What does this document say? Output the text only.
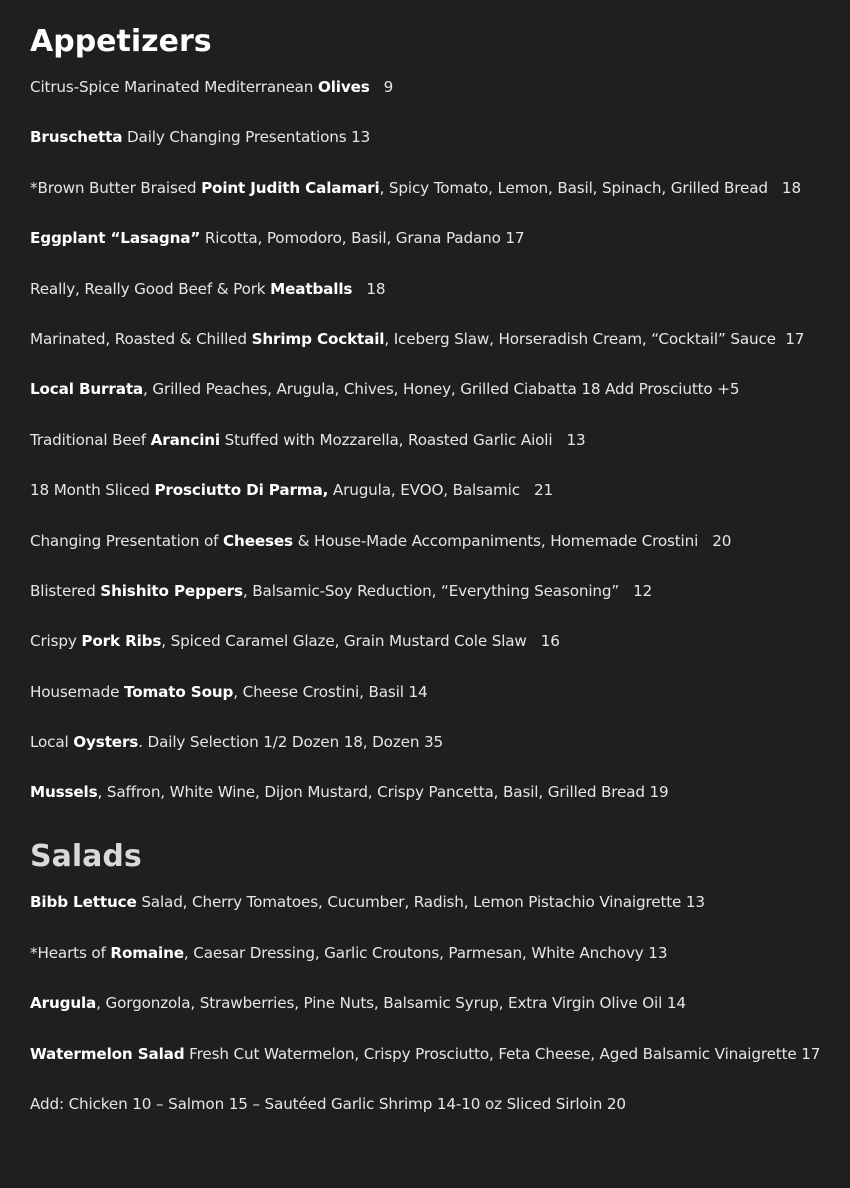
Appetizers
Citrus-Spice Marinated Mediterranean Olives   9
Bruschetta Daily Changing Presentations 13
*Brown Butter Braised Point Judith Calamari, Spicy Tomato, Lemon, Basil, Spinach, Grilled Bread   18
Eggplant “Lasagna” Ricotta, Pomodoro, Basil, Grana Padano 17
Really, Really Good Beef & Pork Meatballs   18
Marinated, Roasted & Chilled Shrimp Cocktail, Iceberg Slaw, Horseradish Cream, “Cocktail” Sauce  17
Local Burrata, Grilled Peaches, Arugula, Chives, Honey, Grilled Ciabatta 18 Add Prosciutto +5
Traditional Beef Arancini Stuffed with Mozzarella, Roasted Garlic Aioli   13
18 Month Sliced Prosciutto Di Parma, Arugula, EVOO, Balsamic   21
Changing Presentation of Cheeses & House-Made Accompaniments, Homemade Crostini   20
Blistered Shishito Peppers, Balsamic-Soy Reduction, “Everything Seasoning”   12
Crispy Pork Ribs, Spiced Caramel Glaze, Grain Mustard Cole Slaw   16
Housemade Tomato Soup, Cheese Crostini, Basil 14
Local Oysters. Daily Selection 1/2 Dozen 18, Dozen 35
Mussels, Saffron, White Wine, Dijon Mustard, Crispy Pancetta, Basil, Grilled Bread 19
Salads
Bibb Lettuce Salad, Cherry Tomatoes, Cucumber, Radish, Lemon Pistachio Vinaigrette 13
*Hearts of Romaine, Caesar Dressing, Garlic Croutons, Parmesan, White Anchovy 13
Arugula, Gorgonzola, Strawberries, Pine Nuts, Balsamic Syrup, Extra Virgin Olive Oil 14
Watermelon Salad Fresh Cut Watermelon, Crispy Prosciutto, Feta Cheese, Aged Balsamic Vinaigrette 17
Add: Chicken 10 – Salmon 15 – Sautéed Garlic Shrimp 14-10 oz Sliced Sirloin 20
